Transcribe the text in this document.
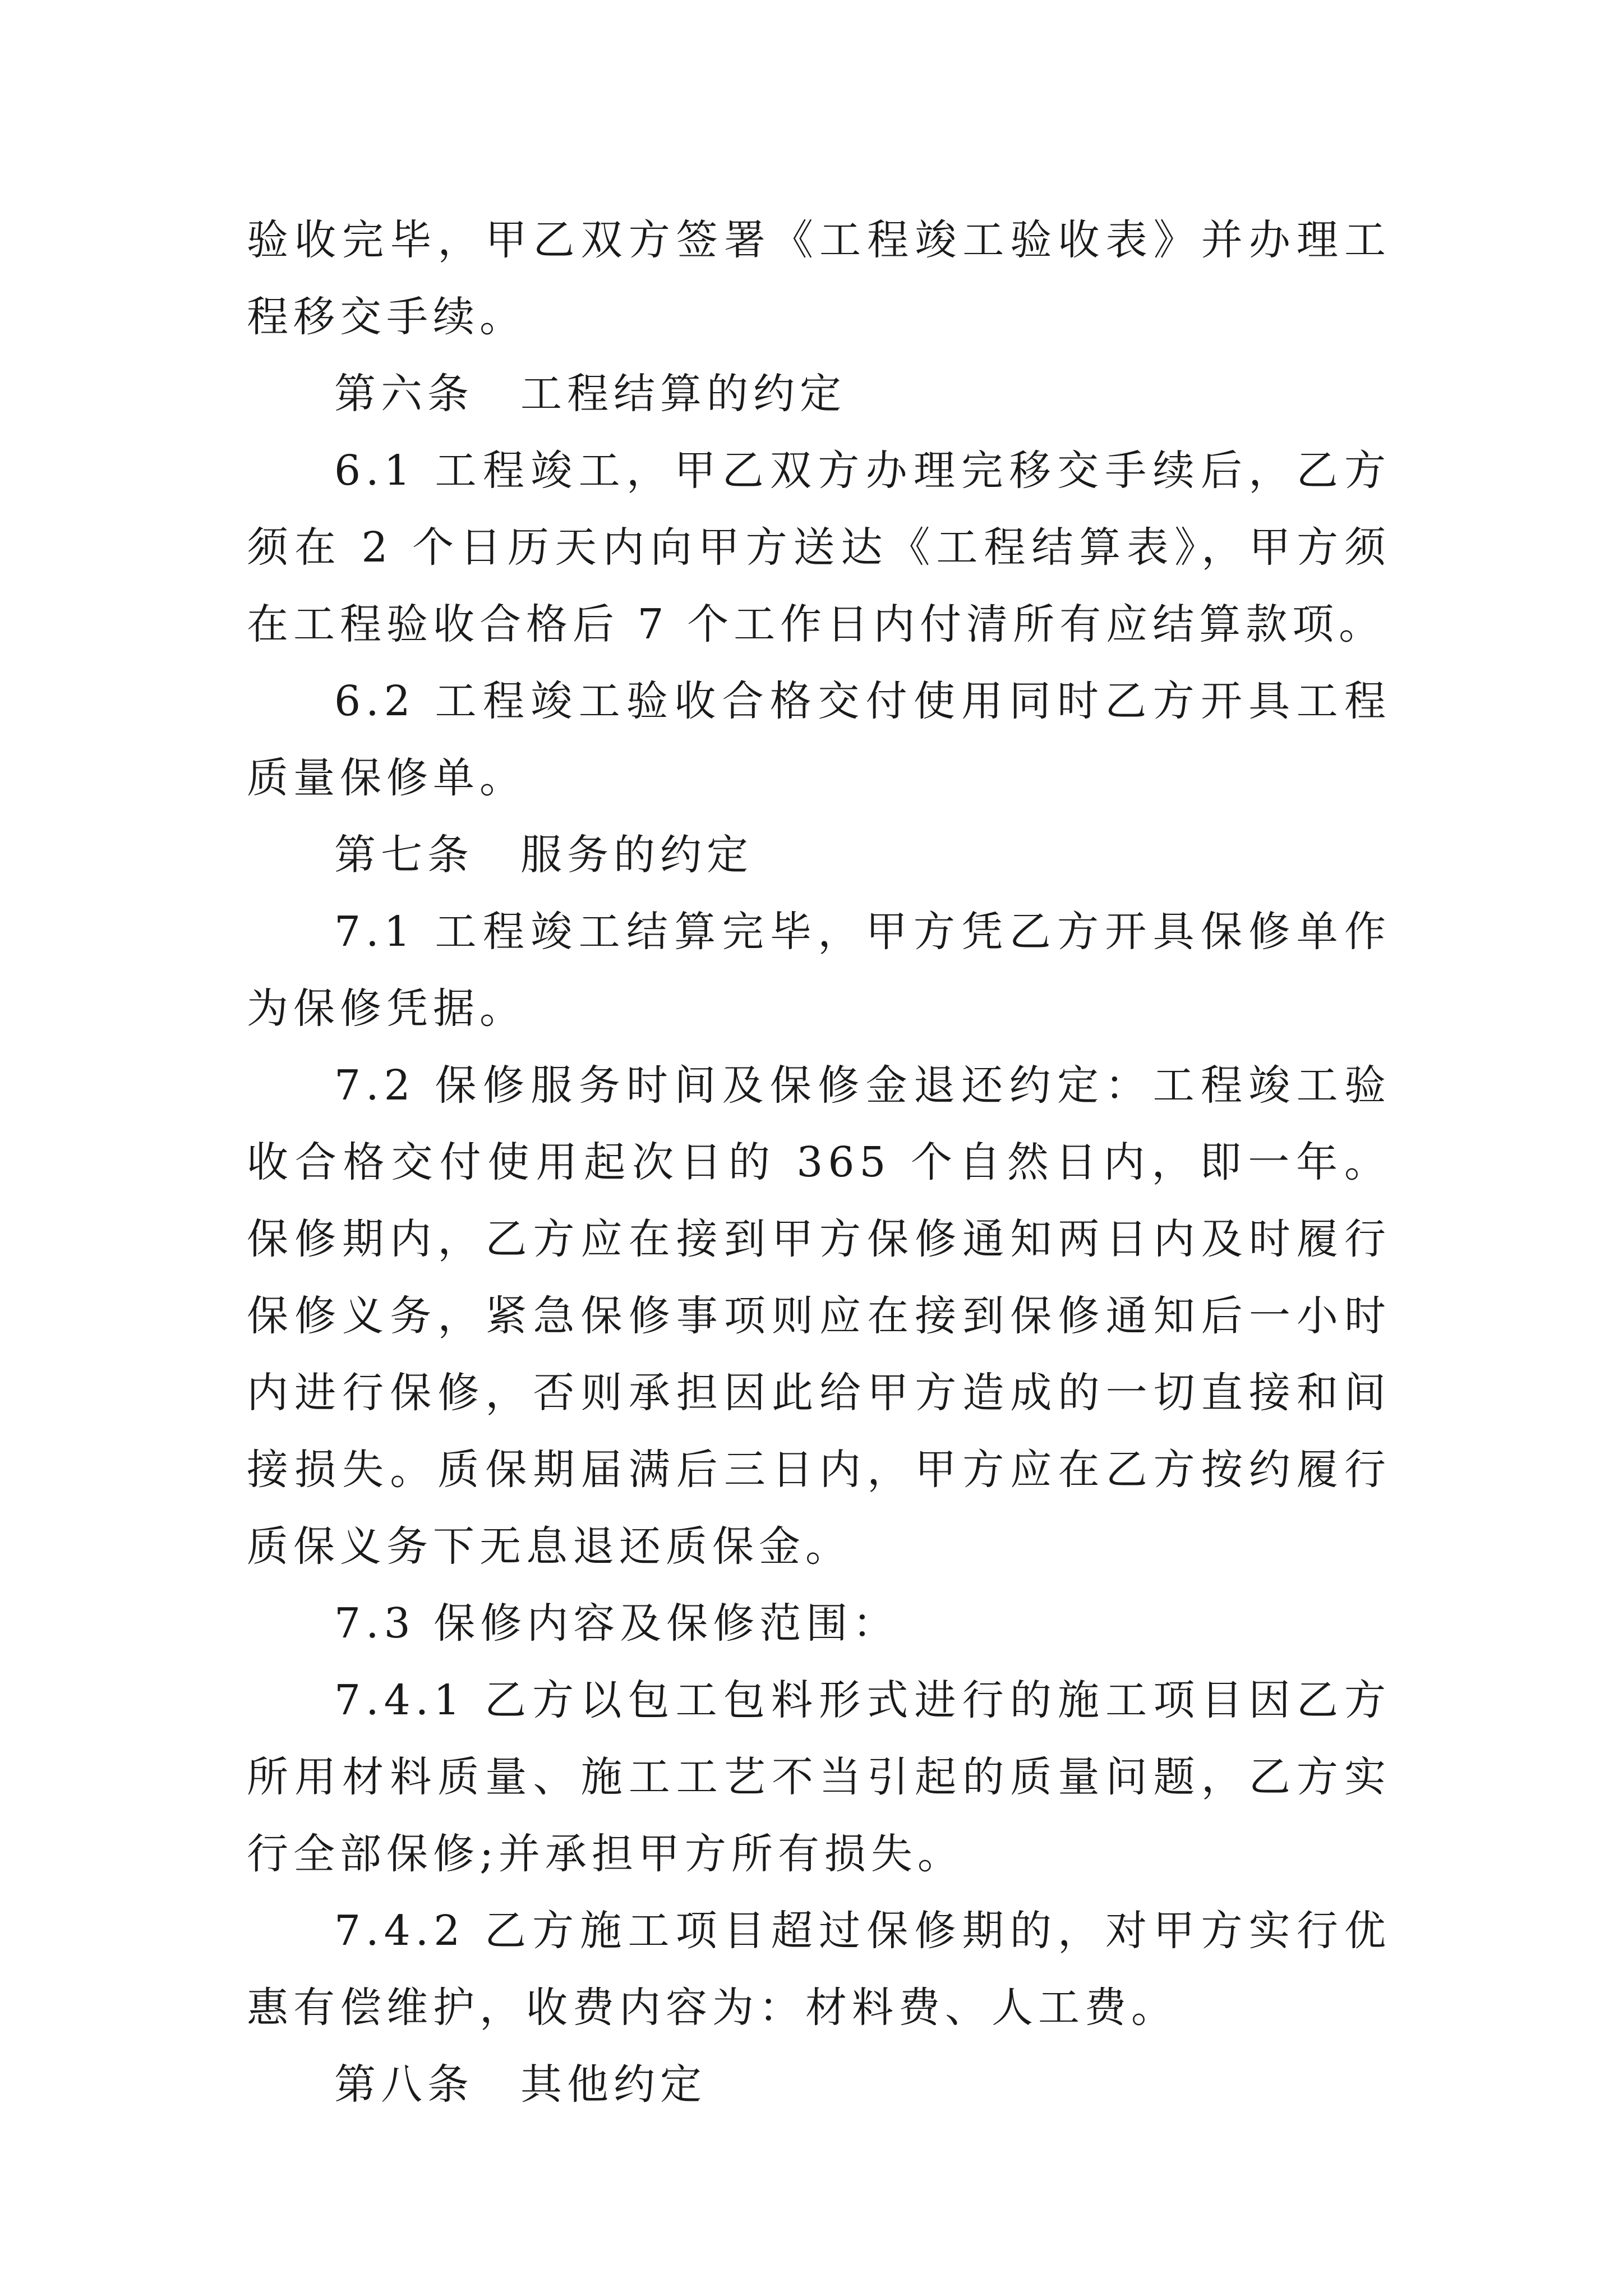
验收完毕，甲乙双方签署《工程竣工验收表》并办理工程移交手续。

第六条　工程结算的约定

6.1 工程竣工，甲乙双方办理完移交手续后，乙方须在 2 个日历天内向甲方送达《工程结算表》，甲方须在工程验收合格后 7 个工作日内付清所有应结算款项。

6.2 工程竣工验收合格交付使用同时乙方开具工程质量保修单。

第七条　服务的约定

7.1 工程竣工结算完毕，甲方凭乙方开具保修单作为保修凭据。

7.2 保修服务时间及保修金退还约定：工程竣工验收合格交付使用起次日的 365 个自然日内，即一年。保修期内，乙方应在接到甲方保修通知两日内及时履行保修义务，紧急保修事项则应在接到保修通知后一小时内进行保修，否则承担因此给甲方造成的一切直接和间接损失。质保期届满后三日内，甲方应在乙方按约履行质保义务下无息退还质保金。

7.3 保修内容及保修范围：

7.4.1 乙方以包工包料形式进行的施工项目因乙方所用材料质量、施工工艺不当引起的质量问题，乙方实行全部保修;并承担甲方所有损失。

7.4.2 乙方施工项目超过保修期的，对甲方实行优惠有偿维护，收费内容为：材料费、人工费。

第八条　其他约定
